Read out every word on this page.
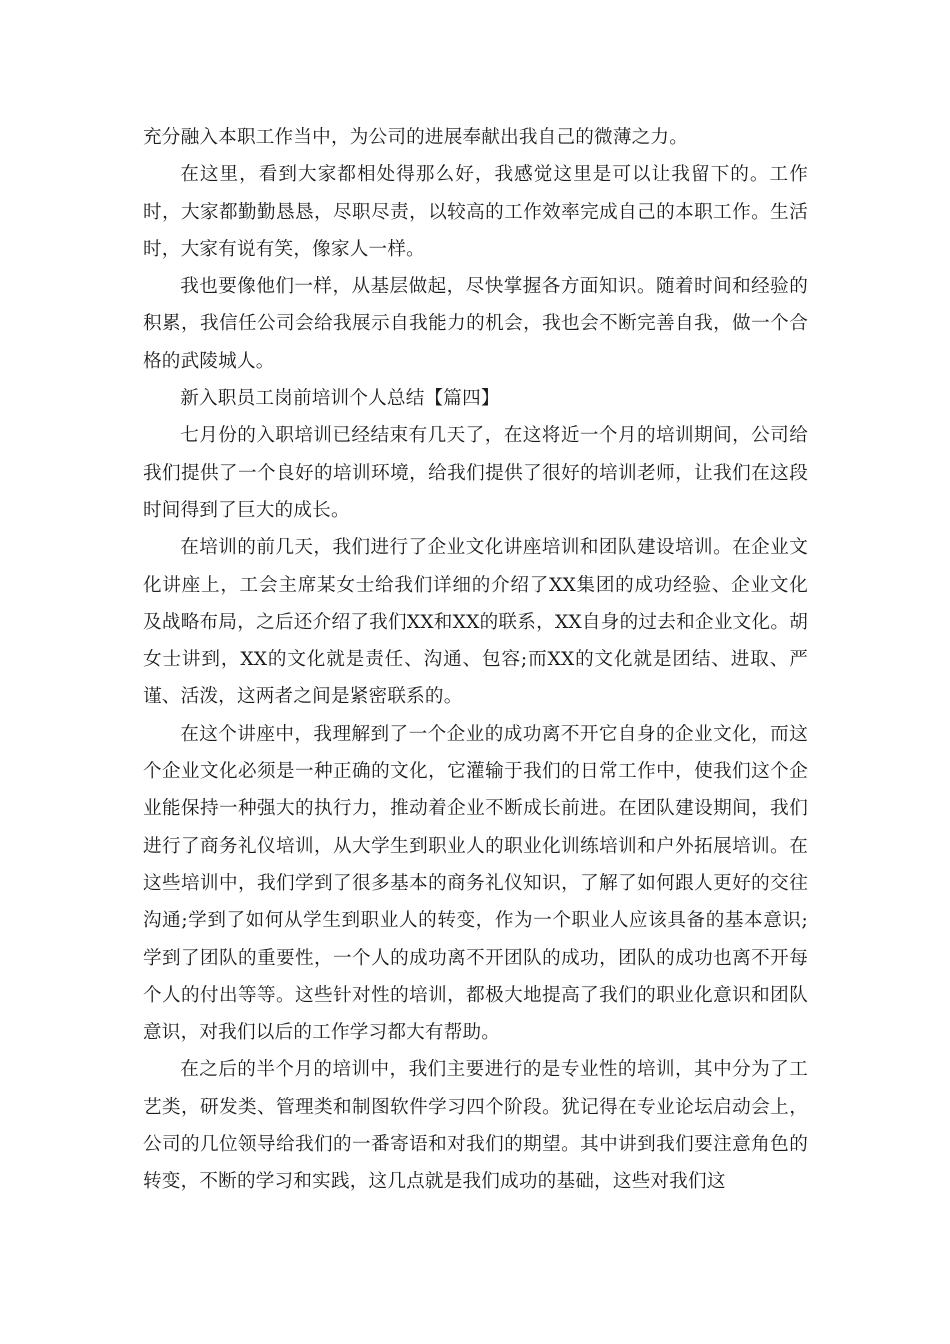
充分融入本职工作当中，为公司的进展奉献出我自己的微薄之力。

在这里，看到大家都相处得那么好，我感觉这里是可以让我留下的。工作时，大家都勤勤恳恳，尽职尽责，以较高的工作效率完成自己的本职工作。生活时，大家有说有笑，像家人一样。

我也要像他们一样，从基层做起，尽快掌握各方面知识。随着时间和经验的积累，我信任公司会给我展示自我能力的机会，我也会不断完善自我，做一个合格的武陵城人。

新入职员工岗前培训个人总结【篇四】

七月份的入职培训已经结束有几天了，在这将近一个月的培训期间，公司给我们提供了一个良好的培训环境，给我们提供了很好的培训老师，让我们在这段时间得到了巨大的成长。

在培训的前几天，我们进行了企业文化讲座培训和团队建设培训。在企业文化讲座上，工会主席某女士给我们详细的介绍了XX集团的成功经验、企业文化及战略布局，之后还介绍了我们XX和XX的联系，XX自身的过去和企业文化。胡女士讲到，XX的文化就是责任、沟通、包容;而XX的文化就是团结、进取、严谨、活泼，这两者之间是紧密联系的。

在这个讲座中，我理解到了一个企业的成功离不开它自身的企业文化，而这个企业文化必须是一种正确的文化，它灌输于我们的日常工作中，使我们这个企业能保持一种强大的执行力，推动着企业不断成长前进。在团队建设期间，我们进行了商务礼仪培训，从大学生到职业人的职业化训练培训和户外拓展培训。在这些培训中，我们学到了很多基本的商务礼仪知识，了解了如何跟人更好的交往沟通;学到了如何从学生到职业人的转变，作为一个职业人应该具备的基本意识;学到了团队的重要性，一个人的成功离不开团队的成功，团队的成功也离不开每个人的付出等等。这些针对性的培训，都极大地提高了我们的职业化意识和团队意识，对我们以后的工作学习都大有帮助。

在之后的半个月的培训中，我们主要进行的是专业性的培训，其中分为了工艺类，研发类、管理类和制图软件学习四个阶段。犹记得在专业论坛启动会上，公司的几位领导给我们的一番寄语和对我们的期望。其中讲到我们要注意角色的转变，不断的学习和实践，这几点就是我们成功的基础，这些对我们这
